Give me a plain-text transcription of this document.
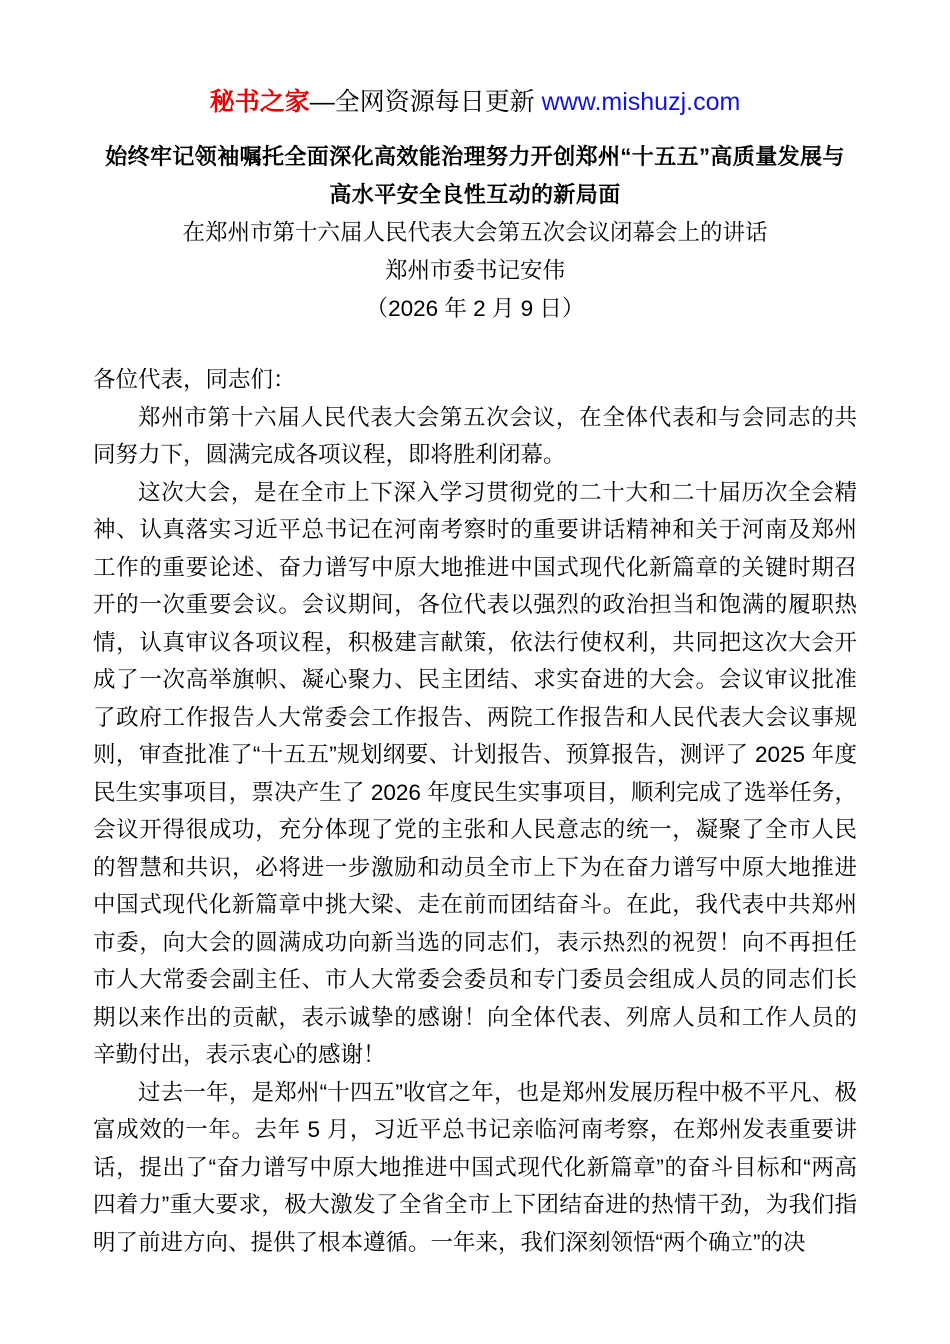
秘书之家—全网资源每日更新 www.mishuzj.com
始终牢记领袖嘱托全面深化高效能治理努力开创郑州“十五五”高质量发展与
高水平安全良性互动的新局面
在郑州市第十六届人民代表大会第五次会议闭幕会上的讲话
郑州市委书记安伟
（2026 年 2 月 9 日）

各位代表，同志们：

郑州市第十六届人民代表大会第五次会议，在全体代表和与会同志的共同努力下，圆满完成各项议程，即将胜利闭幕。

这次大会，是在全市上下深入学习贯彻党的二十大和二十届历次全会精神、认真落实习近平总书记在河南考察时的重要讲话精神和关于河南及郑州工作的重要论述、奋力谱写中原大地推进中国式现代化新篇章的关键时期召开的一次重要会议。会议期间，各位代表以强烈的政治担当和饱满的履职热情，认真审议各项议程，积极建言献策，依法行使权利，共同把这次大会开成了一次高举旗帜、凝心聚力、民主团结、求实奋进的大会。会议审议批准了政府工作报告人大常委会工作报告、两院工作报告和人民代表大会议事规则，审查批准了“十五五”规划纲要、计划报告、预算报告，测评了 2025 年度民生实事项目，票决产生了 2026 年度民生实事项目，顺利完成了选举任务，会议开得很成功，充分体现了党的主张和人民意志的统一，凝聚了全市人民的智慧和共识，必将进一步激励和动员全市上下为在奋力谱写中原大地推进中国式现代化新篇章中挑大梁、走在前而团结奋斗。在此，我代表中共郑州市委，向大会的圆满成功向新当选的同志们，表示热烈的祝贺！向不再担任市人大常委会副主任、市人大常委会委员和专门委员会组成人员的同志们长期以来作出的贡献，表示诚挚的感谢！向全体代表、列席人员和工作人员的辛勤付出，表示衷心的感谢！

过去一年，是郑州“十四五”收官之年，也是郑州发展历程中极不平凡、极富成效的一年。去年 5 月，习近平总书记亲临河南考察，在郑州发表重要讲话，提出了“奋力谱写中原大地推进中国式现代化新篇章”的奋斗目标和“两高四着力”重大要求，极大激发了全省全市上下团结奋进的热情干劲，为我们指明了前进方向、提供了根本遵循。一年来，我们深刻领悟“两个确立”的决
